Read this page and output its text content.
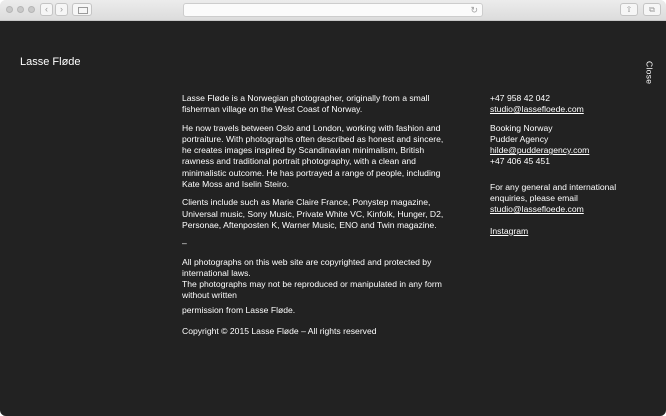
‹	›	↻	⇧	⧉
Lasse Fløde	Close

Lasse Fløde is a Norwegian photographer, originally from a small fisherman village on the West Coast of Norway.

He now travels between Oslo and London, working with fashion and portraiture. With photographs often described as honest and sincere, he creates images inspired by Scandinavian minimalism, British rawness and traditional portrait photography, with a clean and minimalistic outcome. He has portrayed a range of people, including Kate Moss and Iselin Steiro.

Clients include such as Marie Claire France, Ponystep magazine, Universal music, Sony Music, Private White VC, Kinfolk, Hunger, D2, Personae, Aftenposten K, Warner Music, ENO and Twin magazine.

–

All photographs on this web site are copyrighted and protected by international laws.
The photographs may not be reproduced or manipulated in any form without written
permission from Lasse Fløde.

Copyright © 2015 Lasse Fløde – All rights reserved

+47 958 42 042
studio@lassefloede.com

Booking Norway
Pudder Agency
hilde@pudderagency.com
+47 406 45 451

For any general and international enquiries, please email
studio@lassefloede.com

Instagram
